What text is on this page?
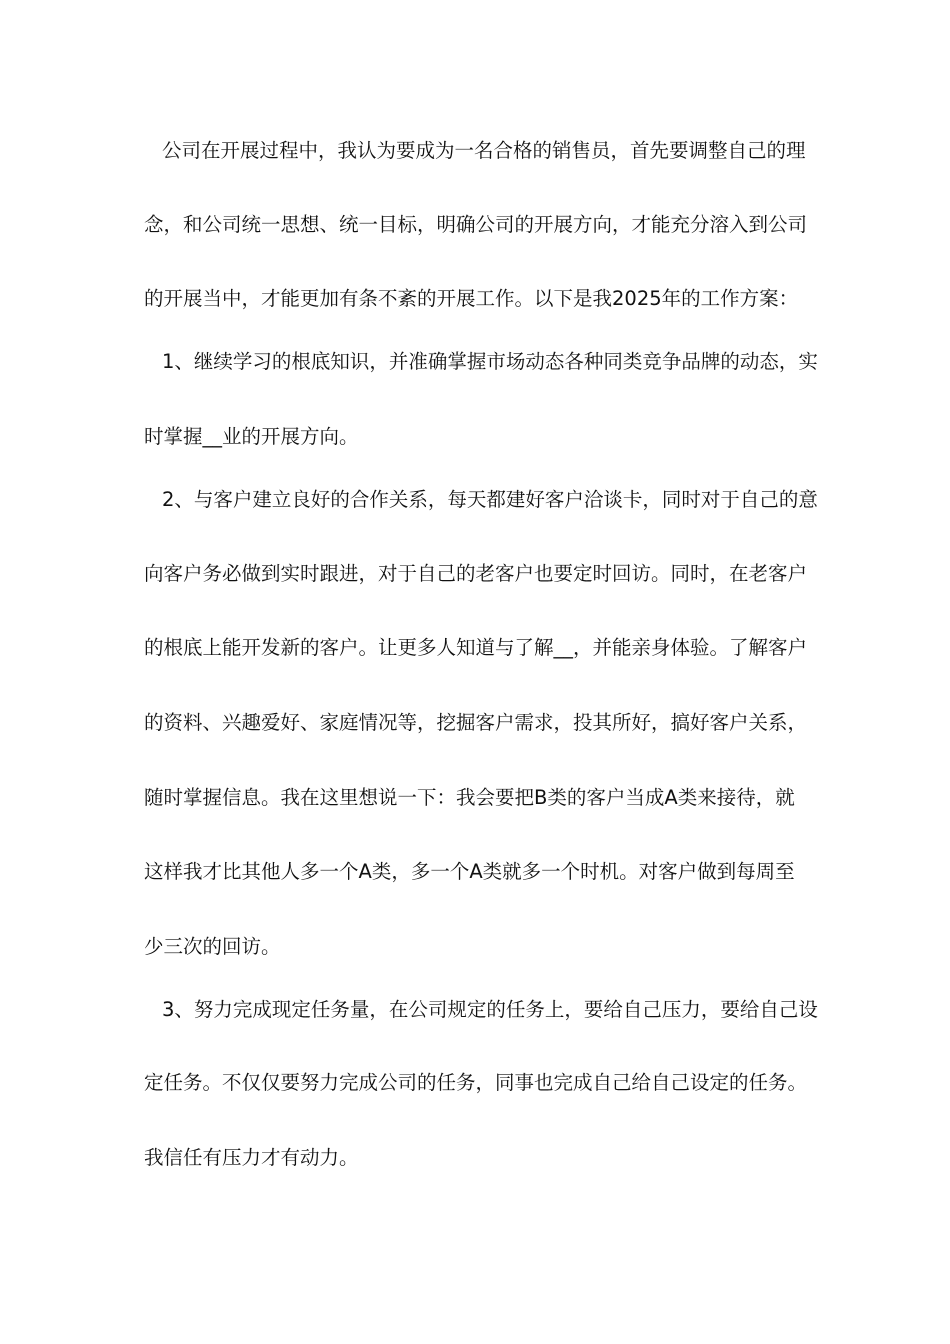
公司在开展过程中，我认为要成为一名合格的销售员，首先要调整自己的理
念，和公司统一思想、统一目标，明确公司的开展方向，才能充分溶入到公司
的开展当中，才能更加有条不紊的开展工作。以下是我2025年的工作方案：
1、继续学习的根底知识，并准确掌握市场动态各种同类竞争品牌的动态，实
时掌握__业的开展方向。
2、与客户建立良好的合作关系，每天都建好客户洽谈卡，同时对于自己的意
向客户务必做到实时跟进，对于自己的老客户也要定时回访。同时，在老客户
的根底上能开发新的客户。让更多人知道与了解__，并能亲身体验。了解客户
的资料、兴趣爱好、家庭情况等，挖掘客户需求，投其所好，搞好客户关系，
随时掌握信息。我在这里想说一下：我会要把B类的客户当成A类来接待，就
这样我才比其他人多一个A类，多一个A类就多一个时机。对客户做到每周至
少三次的回访。
3、努力完成现定任务量，在公司规定的任务上，要给自己压力，要给自己设
定任务。不仅仅要努力完成公司的任务，同事也完成自己给自己设定的任务。
我信任有压力才有动力。
